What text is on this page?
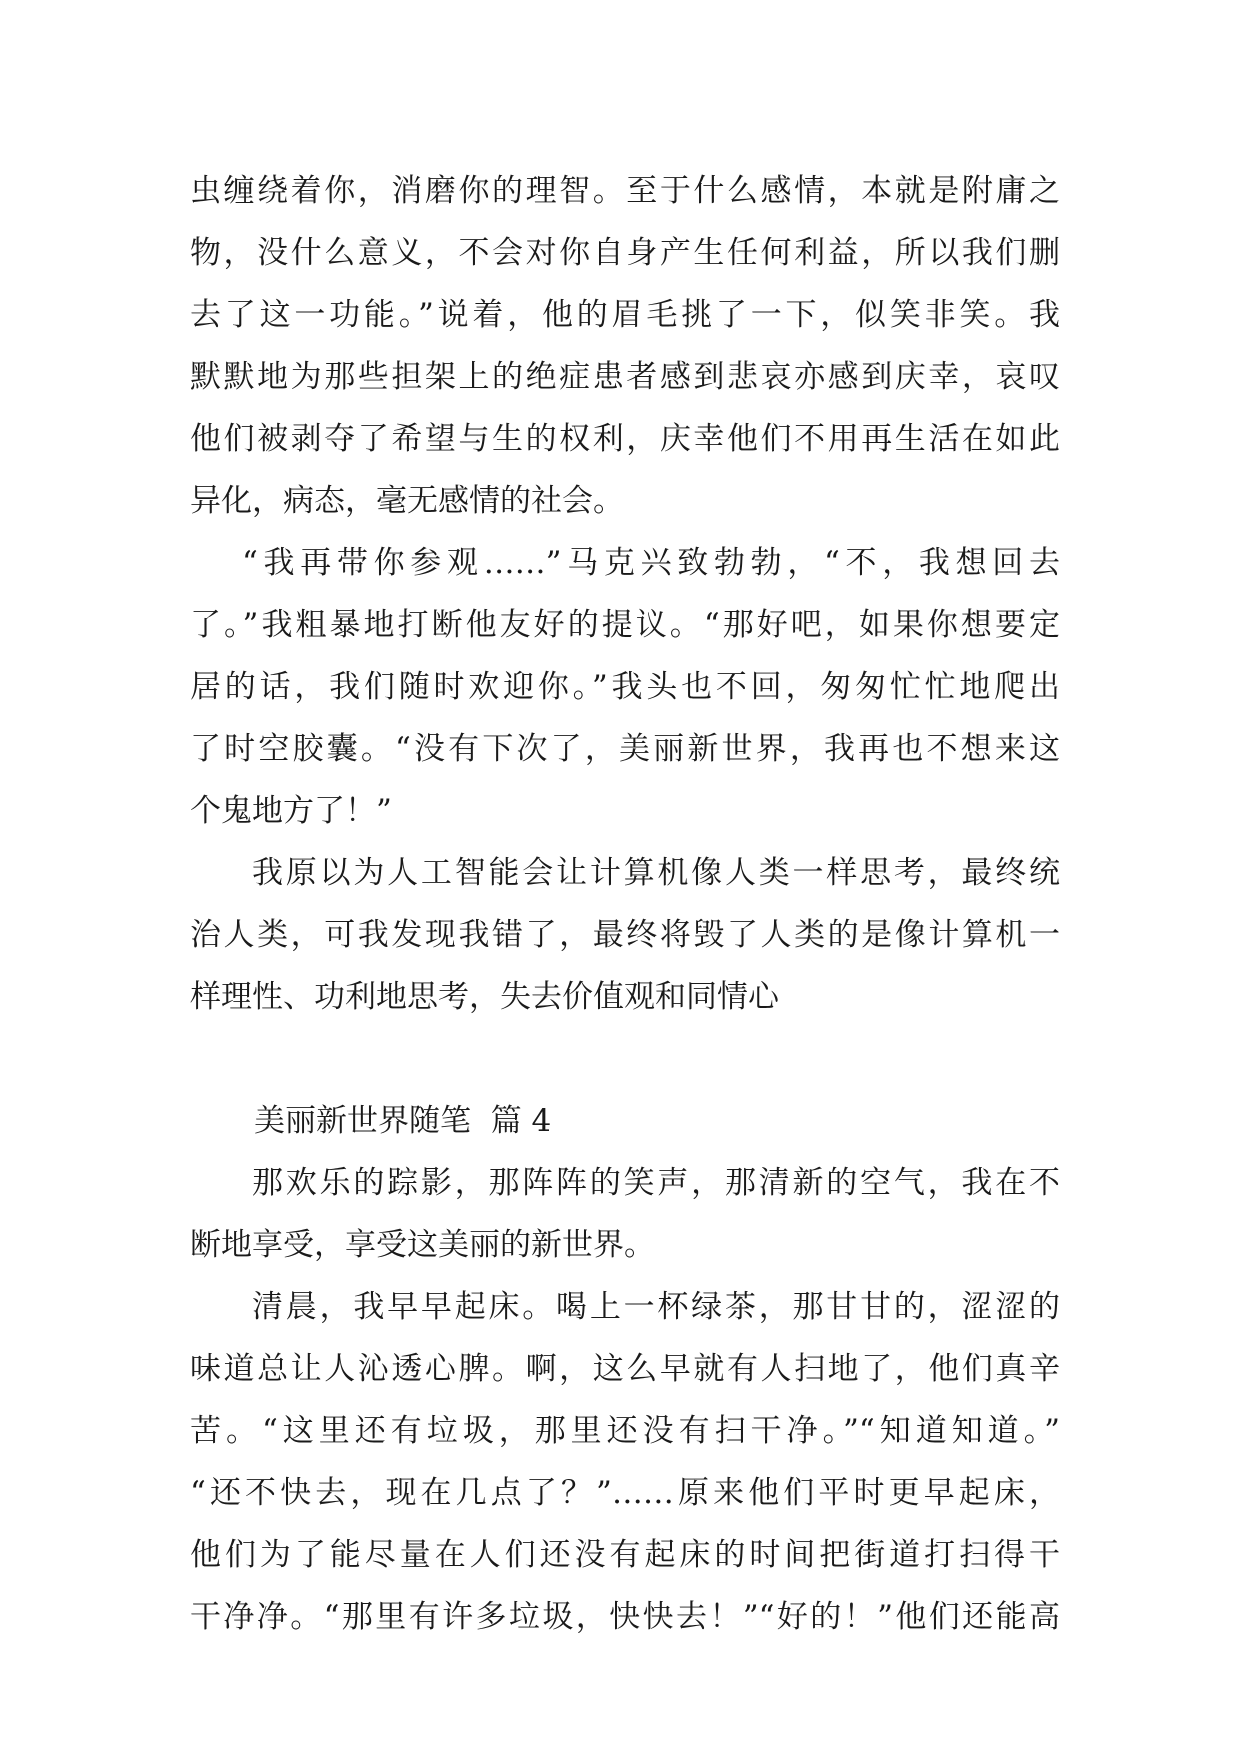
虫缠绕着你，消磨你的理智。至于什么感情，本就是附庸之
物，没什么意义，不会对你自身产生任何利益，所以我们删
去了这一功能。”说着，他的眉毛挑了一下，似笑非笑。我
默默地为那些担架上的绝症患者感到悲哀亦感到庆幸，哀叹
他们被剥夺了希望与生的权利，庆幸他们不用再生活在如此
异化，病态，毫无感情的社会。
“我再带你参观……”马克兴致勃勃，“不，我想回去
了。”我粗暴地打断他友好的提议。“那好吧，如果你想要定
居的话，我们随时欢迎你。”我头也不回，匆匆忙忙地爬出
了时空胶囊。“没有下次了，美丽新世界，我再也不想来这
个鬼地方了！”
我原以为人工智能会让计算机像人类一样思考，最终统
治人类，可我发现我错了，最终将毁了人类的是像计算机一
样理性、功利地思考，失去价值观和同情心
美丽新世界随笔  篇 4
那欢乐的踪影，那阵阵的笑声，那清新的空气，我在不
断地享受，享受这美丽的新世界。
清晨，我早早起床。喝上一杯绿茶，那甘甘的，涩涩的
味道总让人沁透心脾。啊，这么早就有人扫地了，他们真辛
苦。“这里还有垃圾，那里还没有扫干净。”“知道知道。”
“还不快去，现在几点了？”……原来他们平时更早起床，
他们为了能尽量在人们还没有起床的时间把街道打扫得干
干净净。“那里有许多垃圾，快快去！”“好的！”他们还能高
